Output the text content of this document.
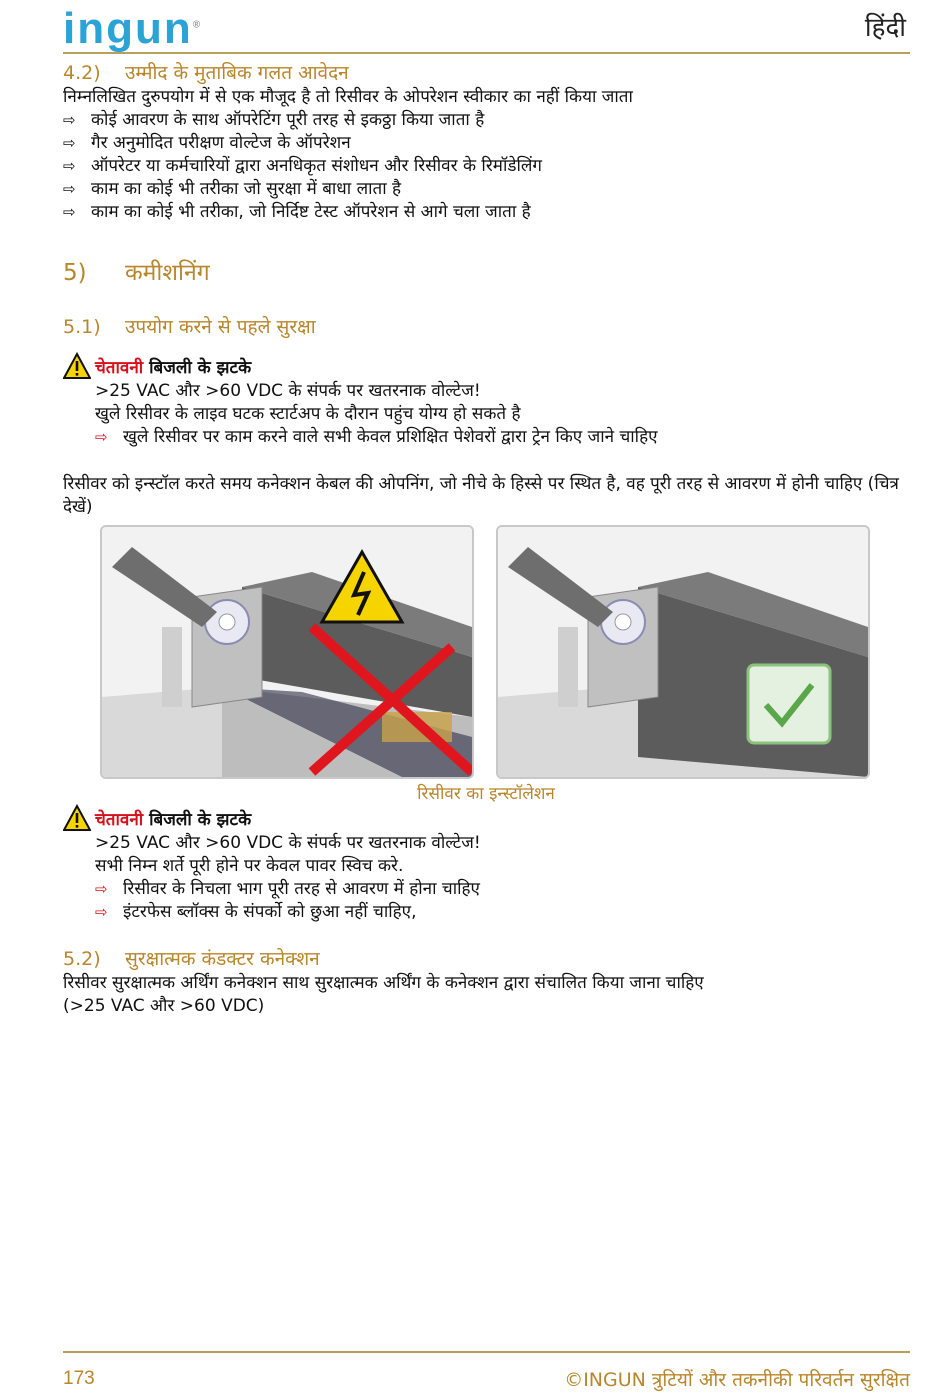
ingun®	हिंदी
4.2) उम्मीद के मुताबिक गलत आवेदन

निम्नलिखित दुरुपयोग में से एक मौजूद है तो रिसीवर के ओपरेशन स्वीकार का नहीं किया जाता

⇨ कोई आवरण के साथ ऑपरेटिंग पूरी तरह से इकठ्ठा किया जाता है
⇨ गैर अनुमोदित परीक्षण वोल्टेज के ऑपरेशन
⇨ ऑपरेटर या कर्मचारियों द्वारा अनधिकृत संशोधन और रिसीवर के रिमॉडेलिंग
⇨ काम का कोई भी तरीका जो सुरक्षा में बाधा लाता है
⇨ काम का कोई भी तरीका, जो निर्दिष्ट टेस्ट ऑपरेशन से आगे चला जाता है
5) कमीशनिंग
5.1) उपयोग करने से पहले सुरक्षा
चेतावनी बिजली के झटके

>25 VAC और >60 VDC के संपर्क पर खतरनाक वोल्टेज!

खुले रिसीवर के लाइव घटक स्टार्टअप के दौरान पहुंच योग्य हो सकते है

⇨ खुले रिसीवर पर काम करने वाले सभी केवल प्रशिक्षित पेशेवरों द्वारा ट्रेन किए जाने चाहिए

रिसीवर को इन्स्टॉल करते समय कनेक्शन केबल की ओपनिंग, जो नीचे के हिस्से पर स्थित है, वह पूरी तरह से आवरण में होनी चाहिए (चित्र देखें)

रिसीवर का इन्स्टॉलेशन
चेतावनी बिजली के झटके

>25 VAC और >60 VDC के संपर्क पर खतरनाक वोल्टेज!

सभी निम्न शर्ते पूरी होने पर केवल पावर स्विच करे.

⇨ रिसीवर के निचला भाग पूरी तरह से आवरण में होना चाहिए

⇨ इंटरफेस ब्लॉक्स के संपर्को को छुआ नहीं चाहिए,

5.2) सुरक्षात्मक कंडक्टर कनेक्शन

रिसीवर सुरक्षात्मक अर्थिंग कनेक्शन साथ सुरक्षात्मक अर्थिंग के कनेक्शन द्वारा संचालित किया जाना चाहिए

(>25 VAC और >60 VDC)

173	©INGUN त्रुटियों और तकनीकी परिवर्तन सुरक्षित
